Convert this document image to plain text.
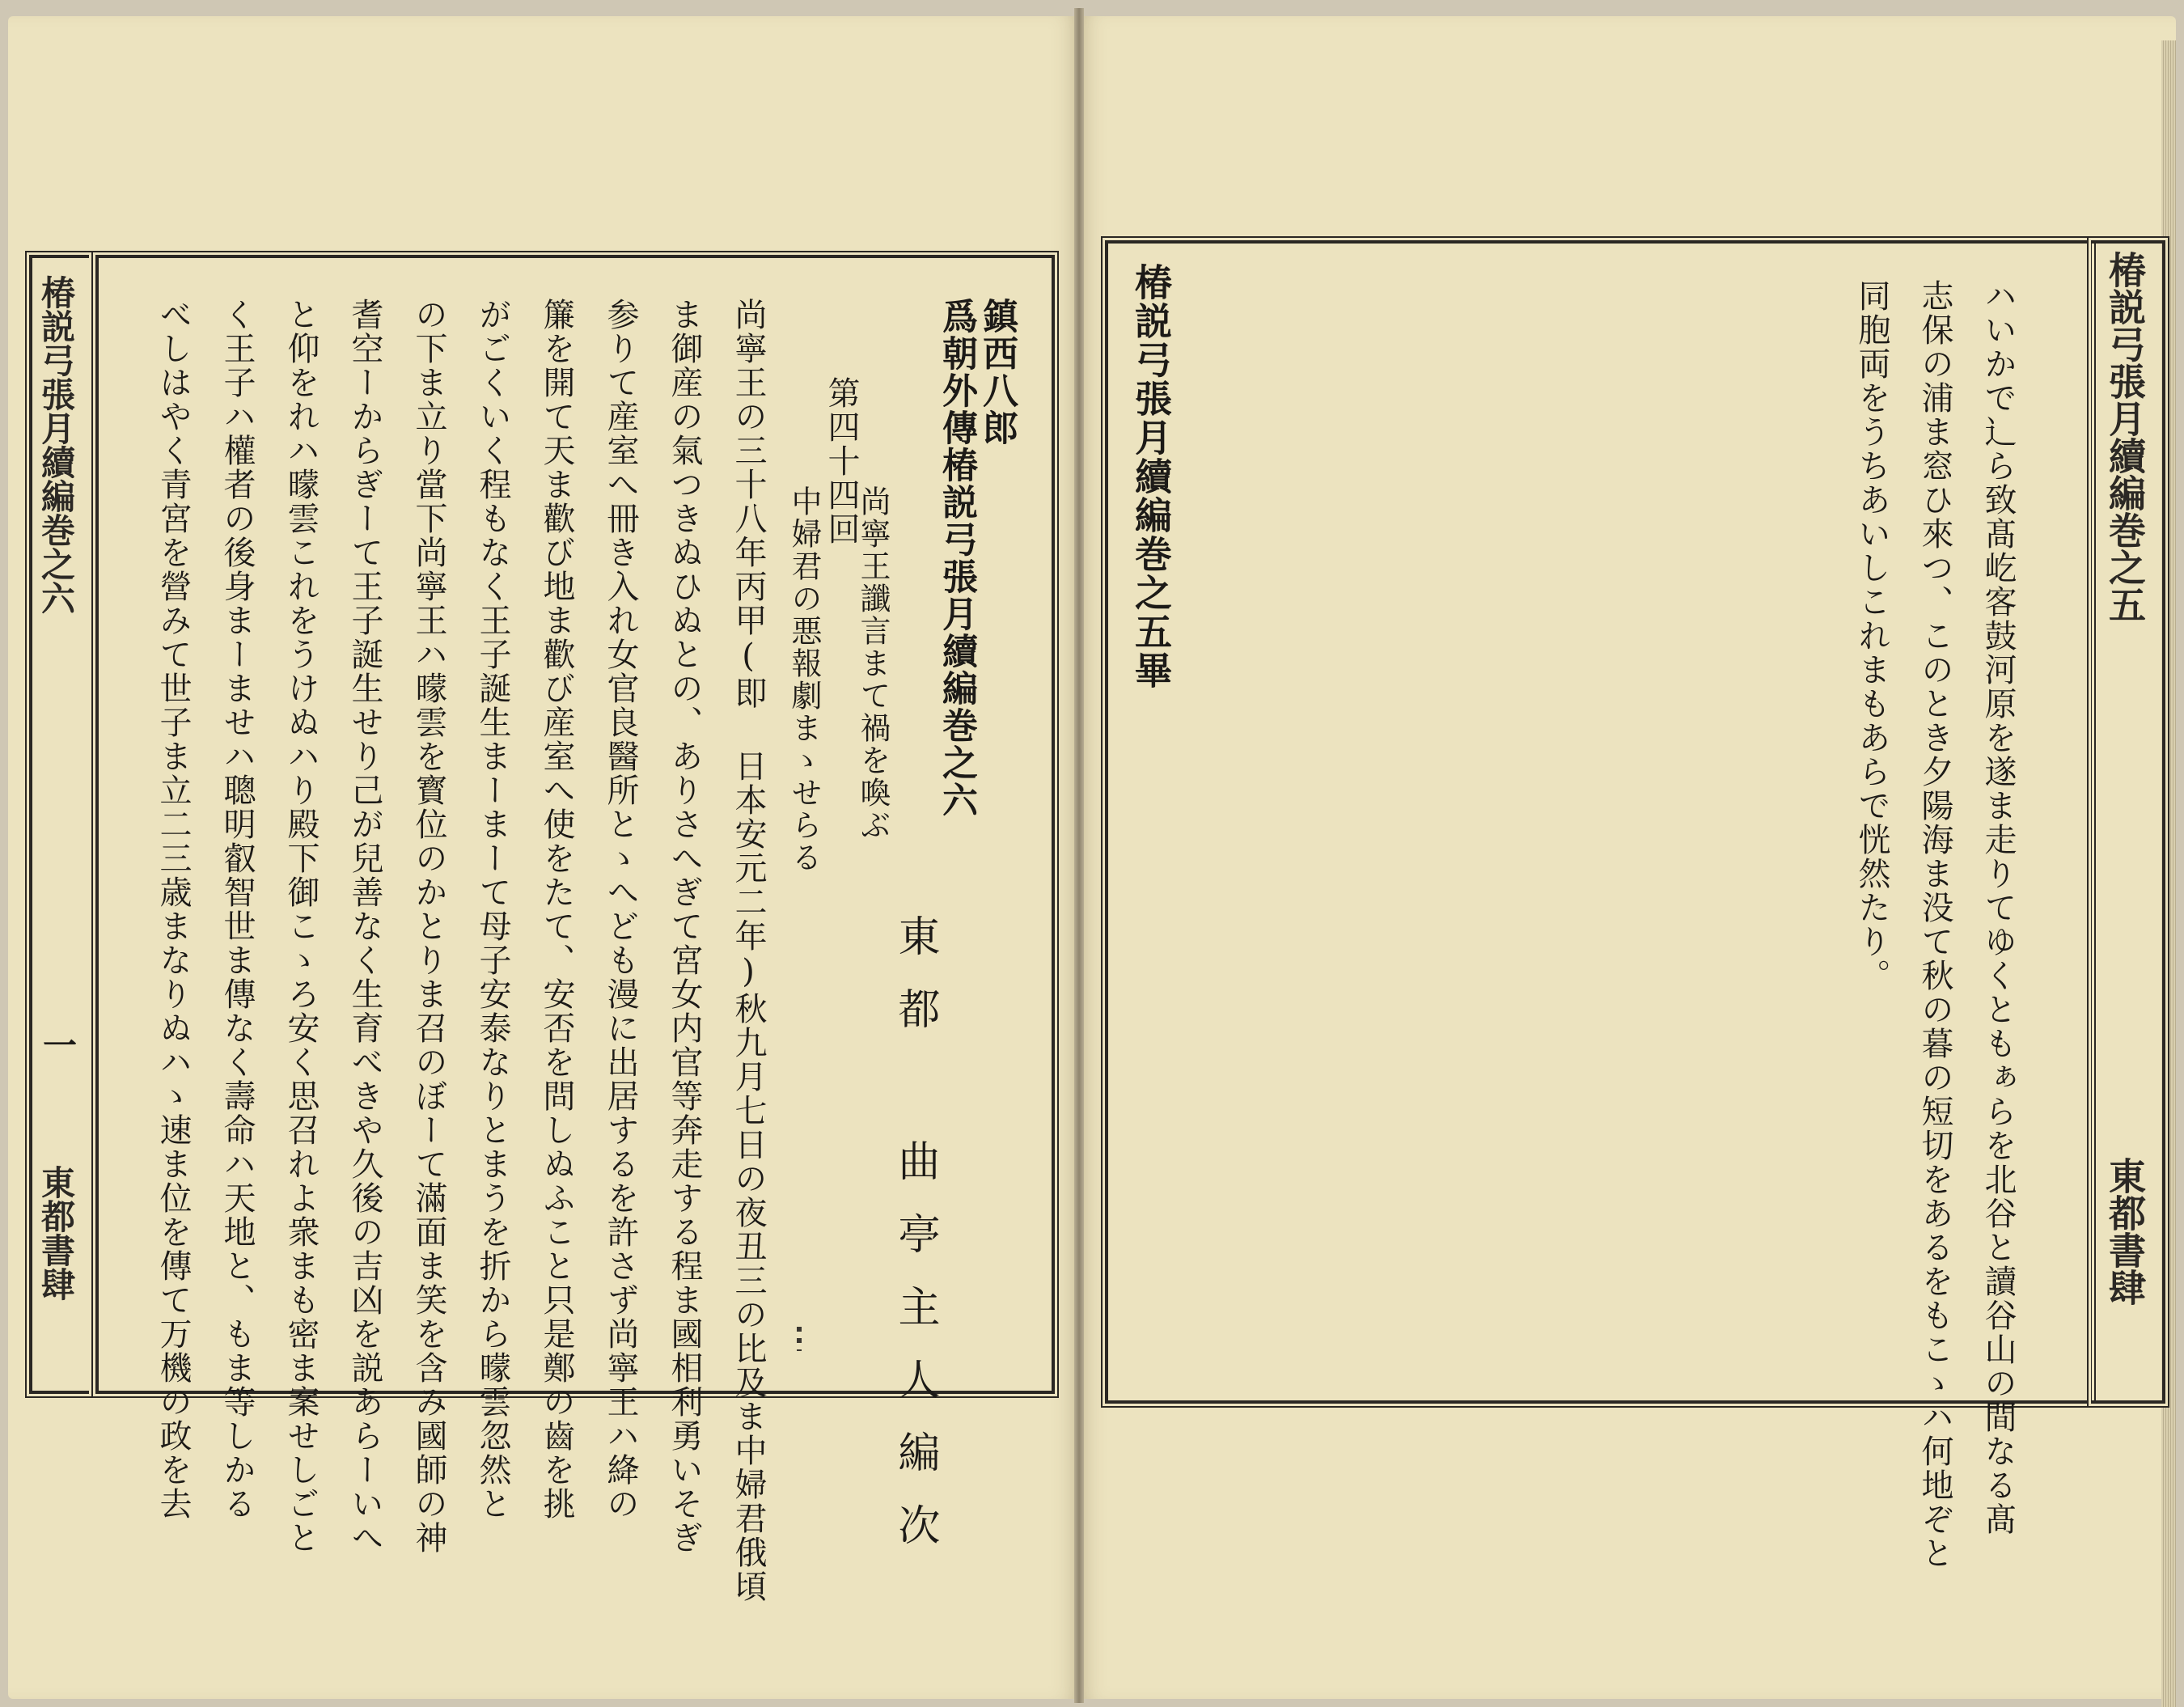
椿説弓張月續編巻之六
一
東都書肆
鎮西八郎
爲朝外傳椿説弓張月續編巻之六
東都 曲亭主人編次
第四十四回
尚寧王讖言まて禍を喚ぶ
中婦君の悪報劇まゝせらる
尚寧王の三十八年丙甲(即 日本安元二年)秋九月七日の夜丑三の比及ま中婦君俄頃
ま御産の氣つきぬひぬとの、ありさへぎて宮女内官等奔走する程ま國相利勇いそぎ
参りて産室へ冊き入れ女官良醫所とゝへども漫に出居するを許さず尚寧王ハ絳の
簾を開て天ま歡び地ま歡び産室へ使をたて、安否を問しぬふこと只是鄭の齒を挑
がごくいく程もなく王子誕生まーまーて母子安泰なりとまうを折から曚雲忽然と
の下ま立り當下尚寧王ハ曚雲を寳位のかとりま召のぼーて滿面ま笑を含み國師の神
耆空ーからぎーて王子誕生せり己が兒善なく生育べきや久後の吉凶を説あらーいへ
と仰をれハ曚雲これをうけぬハり殿下御こゝろ安く思召れよ衆まも密ま案せしごと
く王子ハ權者の後身まーませハ聰明叡智世ま傳なく壽命ハ天地と、もま等しかる
べしはやく青宮を營みて世子ま立二三歳まなりぬハゝ速ま位を傳て万機の政を去	ハいかで⻌ら致髙屹客鼓河原を遂ま走りてゆくともぁらを北谷と讀谷山の間なる髙
志保の浦ま窓ひ來つ、このとき夕陽海ま没て秋の暮の短切をあるをもこゝハ何地ぞと
同胞両をうちあいしこれまもあらで恍然たり。
椿説弓張月續編巻之五畢	椿説弓張月續編巻之五
東都書肆
